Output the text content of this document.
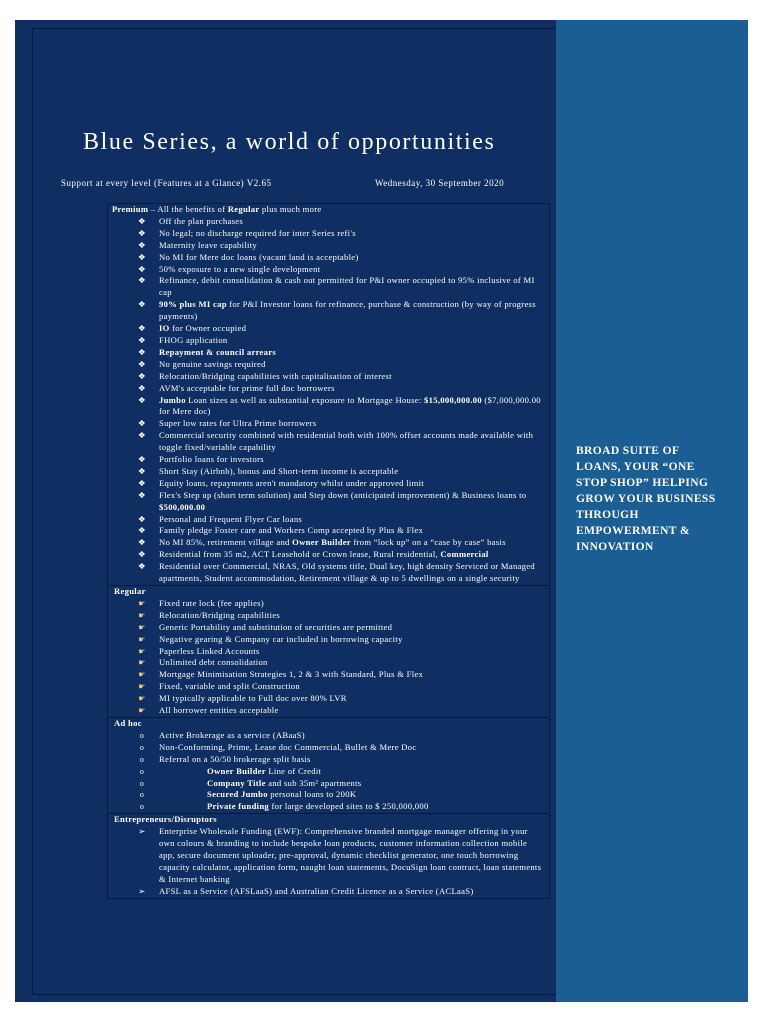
Blue Series, a world of opportunities
Support at every level (Features at a Glance) V2.65	Wednesday, 30 September 2020
Premium – All the benefits of Regular plus much more
❖ Off the plan purchases
❖ No legal; no discharge required for inter Series refi's
❖ Maternity leave capability
❖ No MI for Mere doc loans (vacant land is acceptable)
❖ 50% exposure to a new single development
❖ Refinance, debit consolidation & cash out permitted for P&I owner occupied to 95% inclusive of MI cap
❖ 90% plus MI cap for P&I Investor loans for refinance, purchase & construction (by way of progress payments)
❖ IO for Owner occupied
❖ FHOG application
❖ Repayment & council arrears
❖ No genuine savings required
❖ Relocation/Bridging capabilities with capitalisation of interest
❖ AVM's acceptable for prime full doc borrowers
❖ Jumbo Loan sizes as well as substantial exposure to Mortgage House: $15,000,000.00 ($7,000,000.00 for Mere doc)
❖ Super low rates for Ultra Prime borrowers
❖ Commercial security combined with residential both with 100% offset accounts made available with toggle fixed/variable capability
❖ Portfolio loans for investors
❖ Short Stay (Airbnb), bonus and Short-term income is acceptable
❖ Equity loans, repayments aren't mandatory whilst under approved limit
❖ Flex's Step up (short term solution) and Step down (anticipated improvement) & Business loans to $500,000.00
❖ Personal and Frequent Flyer Car loans
❖ Family pledge Foster care and Workers Comp accepted by Plus & Flex
❖ No MI 85%, retirement village and Owner Builder from “lock up” on a “case by case” basis
❖ Residential from 35 m2, ACT Leasehold or Crown lease, Rural residential, Commercial
❖ Residential over Commercial, NRAS, Old systems title, Dual key, high density Serviced or Managed apartments, Student accommodation, Retirement village & up to 5 dwellings on a single security
Regular
☛ Fixed rate lock (fee applies)
☛ Relocation/Bridging capabilities
☛ Generic Portability and substitution of securities are permitted
☛ Negative gearing & Company car included in borrowing capacity
☛ Paperless Linked Accounts
☛ Unlimited debt consolidation
☛ Mortgage Minimisation Strategies 1, 2 & 3 with Standard, Plus & Flex
☛ Fixed, variable and split Construction
☛ MI typically applicable to Full doc over 80% LVR
☛ All borrower entities acceptable
Ad hoc
o	Active Brokerage as a service (ABaaS)
o	Non-Conforming, Prime, Lease doc Commercial, Bullet & Mere Doc
o	Referral on a 50/50 brokerage split basis
o	Owner Builder Line of Credit
o	Company Title and sub 35m² apartments
o	Secured Jumbo personal loans to 200K
o	Private funding for large developed sites to $ 250,000,000
Entrepreneurs/Disruptors
➢ Enterprise Wholesale Funding (EWF): Comprehensive branded mortgage manager offering in your own colours & branding to include bespoke loan products, customer information collection mobile app, secure document uploader, pre-approval, dynamic checklist generator, one touch borrowing capacity calculator, application form, naught loan statements, DocuSign loan contract, loan statements & Internet banking
➢ AFSL as a Service (AFSLaaS) and Australian Credit Licence as a Service (ACLaaS)
BROAD SUITE OF LOANS, YOUR “ONE STOP SHOP” HELPING GROW YOUR BUSINESS THROUGH EMPOWERMENT & INNOVATION
